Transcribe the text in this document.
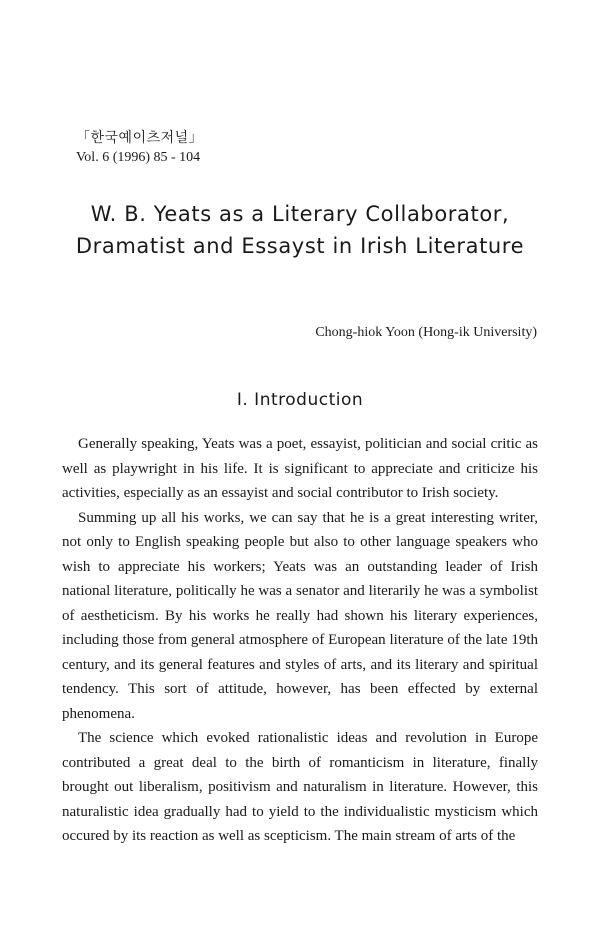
「한국예이츠저널」
Vol. 6 (1996) 85 - 104
W. B. Yeats as a Literary Collaborator,
Dramatist and Essayst in Irish Literature
Chong-hiok Yoon (Hong-ik University)
I. Introduction

Generally speaking, Yeats was a poet, essayist, politician and social critic as well as playwright in his life. It is significant to appreciate and criticize his activities, especially as an essayist and social contributor to Irish society.

Summing up all his works, we can say that he is a great interesting writer, not only to English speaking people but also to other language speakers who wish to appreciate his workers; Yeats was an outstanding leader of Irish national literature, politically he was a senator and literarily he was a symbolist of aestheticism. By his works he really had shown his literary experiences, including those from general atmosphere of European literature of the late 19th century, and its general features and styles of arts, and its literary and spiritual tendency. This sort of attitude, however, has been effected by external phenomena.

The science which evoked rationalistic ideas and revolution in Europe contributed a great deal to the birth of romanticism in literature, finally brought out liberalism, positivism and naturalism in literature. However, this naturalistic idea gradually had to yield to the individualistic mysticism which occured by its reaction as well as scepticism. The main stream of arts of the
